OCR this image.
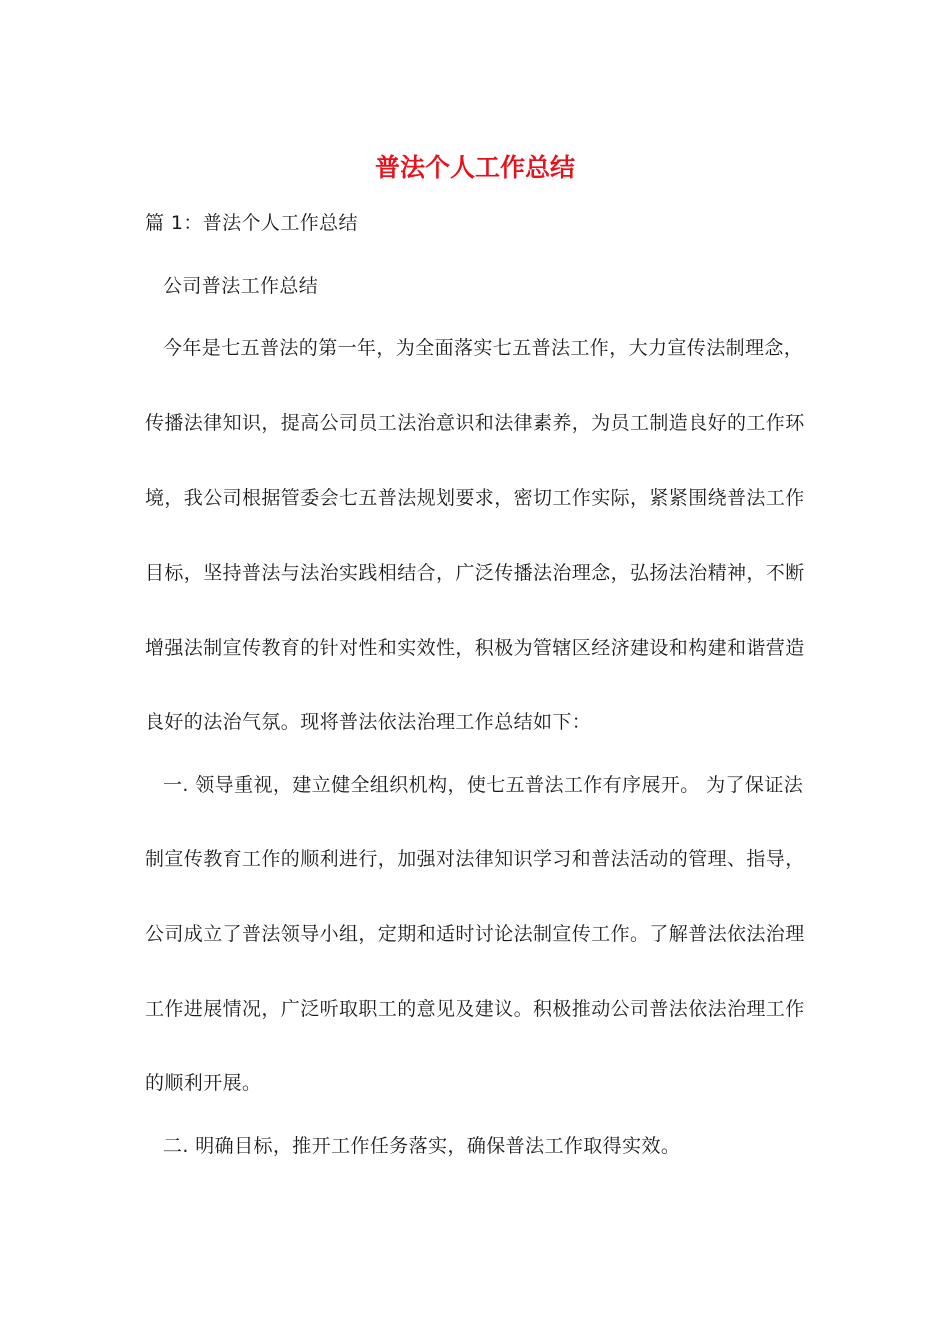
普法个人工作总结

篇 1：普法个人工作总结

公司普法工作总结

今年是七五普法的第一年，为全面落实七五普法工作，大力宣传法制理念，

传播法律知识，提高公司员工法治意识和法律素养，为员工制造良好的工作环

境，我公司根据管委会七五普法规划要求，密切工作实际，紧紧围绕普法工作

目标，坚持普法与法治实践相结合，广泛传播法治理念，弘扬法治精神，不断

增强法制宣传教育的针对性和实效性，积极为管辖区经济建设和构建和谐营造

良好的法治气氛。现将普法依法治理工作总结如下：

一. 领导重视，建立健全组织机构，使七五普法工作有序展开。 为了保证法

制宣传教育工作的顺利进行，加强对法律知识学习和普法活动的管理、指导，

公司成立了普法领导小组，定期和适时讨论法制宣传工作。了解普法依法治理

工作进展情况，广泛听取职工的意见及建议。积极推动公司普法依法治理工作

的顺利开展。

二. 明确目标，推开工作任务落实，确保普法工作取得实效。
